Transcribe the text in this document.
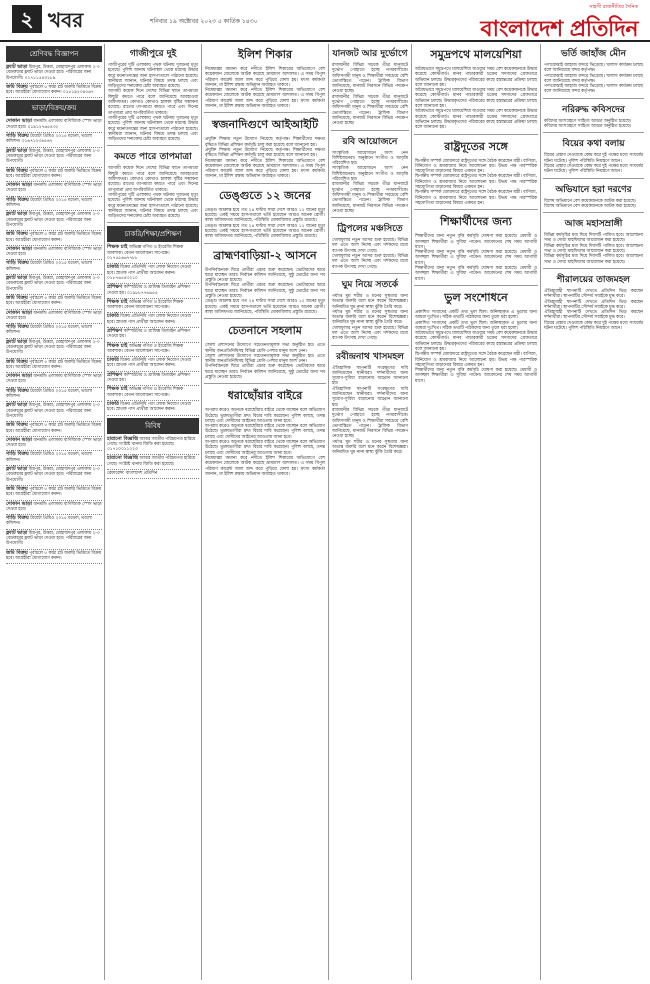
২ খবর	শনিবার ১৯ অক্টোবর ২০২৩ ৫ কার্তিক ১৪৩০
সাহসী রাজনীতির দৈনিক
বাংলাদেশ প্রতিদিন
শ্রেণিবদ্ধ বিজ্ঞাপন
ফ্ল্যাট ভাড়া মিরপুর, উত্তরা, মোহাম্মদপুর এলাকায় ২-৩ বেডরুমের ফ্ল্যাট ভাড়া দেওয়া হবে। পরিবারের জন্য উপযোগী। ০১৭১১৫৪৩২৮৯
জমি বিক্রয় পূর্বাচলে ৫ কাঠা প্লট জরুরি ভিত্তিতে বিক্রয় হবে। আগ্রহীরা যোগাযোগ করুন। ০১৮১৯২৩৪৫৬৭
ভাড়া/বিক্রয়/ক্রয়
দোকান ভাড়া ধানমন্ডি এলাকায় বাণিজ্যিক স্পেস ভাড়া দেওয়া হবে। ০১৯১২৭৬৫৪৩২
গাড়ি বিক্রয় টয়োটা প্রিমিও ২০১৫ মডেল, ভালো কন্ডিশন। ০১৬৭১২৩৪৫৬৭
ফ্ল্যাট ভাড়া মিরপুর, উত্তরা, মোহাম্মদপুর এলাকায় ২-৩ বেডরুমের ফ্ল্যাট ভাড়া দেওয়া হবে। পরিবারের জন্য উপযোগী।
জমি বিক্রয় পূর্বাচলে ৫ কাঠা প্লট জরুরি ভিত্তিতে বিক্রয় হবে। আগ্রহীরা যোগাযোগ করুন।
দোকান ভাড়া ধানমন্ডি এলাকায় বাণিজ্যিক স্পেস ভাড়া দেওয়া হবে।
গাড়ি বিক্রয় টয়োটা প্রিমিও ২০১৫ মডেল, ভালো কন্ডিশন।
ফ্ল্যাট ভাড়া মিরপুর, উত্তরা, মোহাম্মদপুর এলাকায় ২-৩ বেডরুমের ফ্ল্যাট ভাড়া দেওয়া হবে। পরিবারের জন্য উপযোগী।
জমি বিক্রয় পূর্বাচলে ৫ কাঠা প্লট জরুরি ভিত্তিতে বিক্রয় হবে। আগ্রহীরা যোগাযোগ করুন।
দোকান ভাড়া ধানমন্ডি এলাকায় বাণিজ্যিক স্পেস ভাড়া দেওয়া হবে।
গাড়ি বিক্রয় টয়োটা প্রিমিও ২০১৫ মডেল, ভালো কন্ডিশন।
ফ্ল্যাট ভাড়া মিরপুর, উত্তরা, মোহাম্মদপুর এলাকায় ২-৩ বেডরুমের ফ্ল্যাট ভাড়া দেওয়া হবে। পরিবারের জন্য উপযোগী।
জমি বিক্রয় পূর্বাচলে ৫ কাঠা প্লট জরুরি ভিত্তিতে বিক্রয় হবে। আগ্রহীরা যোগাযোগ করুন।
দোকান ভাড়া ধানমন্ডি এলাকায় বাণিজ্যিক স্পেস ভাড়া দেওয়া হবে।
গাড়ি বিক্রয় টয়োটা প্রিমিও ২০১৫ মডেল, ভালো কন্ডিশন।
ফ্ল্যাট ভাড়া মিরপুর, উত্তরা, মোহাম্মদপুর এলাকায় ২-৩ বেডরুমের ফ্ল্যাট ভাড়া দেওয়া হবে। পরিবারের জন্য উপযোগী।
জমি বিক্রয় পূর্বাচলে ৫ কাঠা প্লট জরুরি ভিত্তিতে বিক্রয় হবে। আগ্রহীরা যোগাযোগ করুন।
দোকান ভাড়া ধানমন্ডি এলাকায় বাণিজ্যিক স্পেস ভাড়া দেওয়া হবে।
গাড়ি বিক্রয় টয়োটা প্রিমিও ২০১৫ মডেল, ভালো কন্ডিশন।
ফ্ল্যাট ভাড়া মিরপুর, উত্তরা, মোহাম্মদপুর এলাকায় ২-৩ বেডরুমের ফ্ল্যাট ভাড়া দেওয়া হবে। পরিবারের জন্য উপযোগী।
জমি বিক্রয় পূর্বাচলে ৫ কাঠা প্লট জরুরি ভিত্তিতে বিক্রয় হবে। আগ্রহীরা যোগাযোগ করুন।
দোকান ভাড়া ধানমন্ডি এলাকায় বাণিজ্যিক স্পেস ভাড়া দেওয়া হবে।
গাড়ি বিক্রয় টয়োটা প্রিমিও ২০১৫ মডেল, ভালো কন্ডিশন।
ফ্ল্যাট ভাড়া মিরপুর, উত্তরা, মোহাম্মদপুর এলাকায় ২-৩ বেডরুমের ফ্ল্যাট ভাড়া দেওয়া হবে। পরিবারের জন্য উপযোগী।
জমি বিক্রয় পূর্বাচলে ৫ কাঠা প্লট জরুরি ভিত্তিতে বিক্রয় হবে। আগ্রহীরা যোগাযোগ করুন।
দোকান ভাড়া ধানমন্ডি এলাকায় বাণিজ্যিক স্পেস ভাড়া দেওয়া হবে।
গাড়ি বিক্রয় টয়োটা প্রিমিও ২০১৫ মডেল, ভালো কন্ডিশন।
ফ্ল্যাট ভাড়া মিরপুর, উত্তরা, মোহাম্মদপুর এলাকায় ২-৩ বেডরুমের ফ্ল্যাট ভাড়া দেওয়া হবে। পরিবারের জন্য উপযোগী।
জমি বিক্রয় পূর্বাচলে ৫ কাঠা প্লট জরুরি ভিত্তিতে বিক্রয় হবে। আগ্রহীরা যোগাযোগ করুন।
গাজীপুরে দুই
গাজীপুরের দুটি এলাকায় পৃথক ঘটনায় দুজনের মৃত্যু হয়েছে। পুলিশ জানায় ঘটনাস্থল থেকে মরদেহ উদ্ধার করে ময়নাতদন্তের জন্য হাসপাতালে পাঠানো হয়েছে। স্থানীয়রা জানান, ঘটনার বিষয়ে তদন্ত চলছে এবং জড়িতদের শনাক্তের চেষ্টা অব্যাহত রয়েছে।
আগামী কয়েক দিনে দেশের বিভিন্ন স্থানে তাপমাত্রা কিছুটা কমতে পারে বলে জানিয়েছে আবহাওয়া অধিদফতর। কোথাও কোথাও হালকা বৃষ্টির সম্ভাবনা রয়েছে। রাতের তাপমাত্রা কমতে পারে এবং দিনের তাপমাত্রা প্রায় অপরিবর্তিত থাকবে।
গাজীপুরের দুটি এলাকায় পৃথক ঘটনায় দুজনের মৃত্যু হয়েছে। পুলিশ জানায় ঘটনাস্থল থেকে মরদেহ উদ্ধার করে ময়নাতদন্তের জন্য হাসপাতালে পাঠানো হয়েছে। স্থানীয়রা জানান, ঘটনার বিষয়ে তদন্ত চলছে এবং জড়িতদের শনাক্তের চেষ্টা অব্যাহত রয়েছে।
কমতে পারে তাপমাত্রা
আগামী কয়েক দিনে দেশের বিভিন্ন স্থানে তাপমাত্রা কিছুটা কমতে পারে বলে জানিয়েছে আবহাওয়া অধিদফতর। কোথাও কোথাও হালকা বৃষ্টির সম্ভাবনা রয়েছে। রাতের তাপমাত্রা কমতে পারে এবং দিনের তাপমাত্রা প্রায় অপরিবর্তিত থাকবে।
গাজীপুরের দুটি এলাকায় পৃথক ঘটনায় দুজনের মৃত্যু হয়েছে। পুলিশ জানায় ঘটনাস্থল থেকে মরদেহ উদ্ধার করে ময়নাতদন্তের জন্য হাসপাতালে পাঠানো হয়েছে। স্থানীয়রা জানান, ঘটনার বিষয়ে তদন্ত চলছে এবং জড়িতদের শনাক্তের চেষ্টা অব্যাহত রয়েছে।
চাকরি/শিক্ষা/প্রশিক্ষণ
শিক্ষক চাই অভিজ্ঞ গণিত ও ইংরেজি শিক্ষক আবশ্যক। বেতন আলোচনা সাপেক্ষে। ০১৭৫৫৬৬৭৭৮৮
চাকরি বিক্রয় প্রতিনিধি পদে লোক নিয়োগ দেওয়া হবে। স্নাতক পাস প্রার্থীরা আবেদন করুন। ০১৮৭৬৫৪৩২১০
প্রশিক্ষণ কম্পিউটার ও গ্রাফিক্স ডিজাইন প্রশিক্ষণ দেওয়া হয়। ০১৯৮৮৭৭৬৬৫৫
শিক্ষক চাই অভিজ্ঞ গণিত ও ইংরেজি শিক্ষক আবশ্যক। বেতন আলোচনা সাপেক্ষে।
চাকরি বিক্রয় প্রতিনিধি পদে লোক নিয়োগ দেওয়া হবে। স্নাতক পাস প্রার্থীরা আবেদন করুন।
প্রশিক্ষণ কম্পিউটার ও গ্রাফিক্স ডিজাইন প্রশিক্ষণ দেওয়া হয়।
শিক্ষক চাই অভিজ্ঞ গণিত ও ইংরেজি শিক্ষক আবশ্যক। বেতন আলোচনা সাপেক্ষে।
চাকরি বিক্রয় প্রতিনিধি পদে লোক নিয়োগ দেওয়া হবে। স্নাতক পাস প্রার্থীরা আবেদন করুন।
প্রশিক্ষণ কম্পিউটার ও গ্রাফিক্স ডিজাইন প্রশিক্ষণ দেওয়া হয়।
শিক্ষক চাই অভিজ্ঞ গণিত ও ইংরেজি শিক্ষক আবশ্যক। বেতন আলোচনা সাপেক্ষে।
চাকরি বিক্রয় প্রতিনিধি পদে লোক নিয়োগ দেওয়া হবে। স্নাতক পাস প্রার্থীরা আবেদন করুন।
বিবিধ
হারানো বিজ্ঞপ্তি আমার জাতীয় পরিচয়পত্র হারিয়ে গেছে। সংশ্লিষ্ট থানায় জিডি করা হয়েছে। ০১৭১০০১১২২৩
হারানো বিজ্ঞপ্তি আমার জাতীয় পরিচয়পত্র হারিয়ে গেছে। সংশ্লিষ্ট থানায় জিডি করা হয়েছে।
রেফারেন্স: বাংলাদেশ প্রতিদিন
ইলিশ শিকার
নিষেধাজ্ঞা অমান্য করে নদীতে ইলিশ শিকারের অভিযোগে বেশ কয়েকজন জেলেকে আটক করেছে ভ্রাম্যমাণ আদালত। এ সময় বিপুল পরিমাণ কারেন্ট জাল জব্দ করে পুড়িয়ে ফেলা হয়। মৎস্য কর্মকর্তা জানান, মা ইলিশ রক্ষায় অভিযান অব্যাহত থাকবে।
নিষেধাজ্ঞা অমান্য করে নদীতে ইলিশ শিকারের অভিযোগে বেশ কয়েকজন জেলেকে আটক করেছে ভ্রাম্যমাণ আদালত। এ সময় বিপুল পরিমাণ কারেন্ট জাল জব্দ করে পুড়িয়ে ফেলা হয়। মৎস্য কর্মকর্তা জানান, মা ইলিশ রক্ষায় অভিযান অব্যাহত থাকবে।
স্বজনাদিগুণে আইআইটি
প্রযুক্তি শিক্ষায় নতুন উদ্যোগ নিয়েছে কর্তৃপক্ষ। শিক্ষার্থীদের দক্ষতা বৃদ্ধিতে বিভিন্ন প্রশিক্ষণ কর্মসূচি চালু করা হয়েছে বলে জানানো হয়।
প্রযুক্তি শিক্ষায় নতুন উদ্যোগ নিয়েছে কর্তৃপক্ষ। শিক্ষার্থীদের দক্ষতা বৃদ্ধিতে বিভিন্ন প্রশিক্ষণ কর্মসূচি চালু করা হয়েছে বলে জানানো হয়।
নিষেধাজ্ঞা অমান্য করে নদীতে ইলিশ শিকারের অভিযোগে বেশ কয়েকজন জেলেকে আটক করেছে ভ্রাম্যমাণ আদালত। এ সময় বিপুল পরিমাণ কারেন্ট জাল জব্দ করে পুড়িয়ে ফেলা হয়। মৎস্য কর্মকর্তা জানান, মা ইলিশ রক্ষায় অভিযান অব্যাহত থাকবে।
ডেঙ্গুতে ১২ জনের
ডেঙ্গু আক্রান্ত হয়ে গত ২৪ ঘণ্টায় সারা দেশে আরও ১২ জনের মৃত্যু হয়েছে। একই সময়ে হাসপাতালে ভর্তি হয়েছেন আরও অনেক রোগী। স্বাস্থ্য অধিদফতর জানিয়েছে, পরিস্থিতি মোকাবিলায় প্রস্তুতি রয়েছে।
ডেঙ্গু আক্রান্ত হয়ে গত ২৪ ঘণ্টায় সারা দেশে আরও ১২ জনের মৃত্যু হয়েছে। একই সময়ে হাসপাতালে ভর্তি হয়েছেন আরও অনেক রোগী। স্বাস্থ্য অধিদফতর জানিয়েছে, পরিস্থিতি মোকাবিলায় প্রস্তুতি রয়েছে।
ব্রাহ্মণবাড়িয়া-২ আসনে
উপনির্বাচনকে ঘিরে প্রার্থীরা প্রচার শুরু করেছেন। ভোটারদের দ্বারে দ্বারে যাচ্ছেন তারা। নির্বাচন কমিশন জানিয়েছে, সুষ্ঠু ভোটের জন্য সব প্রস্তুতি নেওয়া হয়েছে।
উপনির্বাচনকে ঘিরে প্রার্থীরা প্রচার শুরু করেছেন। ভোটারদের দ্বারে দ্বারে যাচ্ছেন তারা। নির্বাচন কমিশন জানিয়েছে, সুষ্ঠু ভোটের জন্য সব প্রস্তুতি নেওয়া হয়েছে।
ডেঙ্গু আক্রান্ত হয়ে গত ২৪ ঘণ্টায় সারা দেশে আরও ১২ জনের মৃত্যু হয়েছে। একই সময়ে হাসপাতালে ভর্তি হয়েছেন আরও অনেক রোগী। স্বাস্থ্য অধিদফতর জানিয়েছে, পরিস্থিতি মোকাবিলায় প্রস্তুতি রয়েছে।
চেতনানে সহলাম
জেলা প্রশাসনের উদ্যোগে সচেতনতামূলক সভা অনুষ্ঠিত হয়। এতে স্থানীয় জনপ্রতিনিধিসহ বিভিন্ন শ্রেণি-পেশার মানুষ অংশ নেন।
জেলা প্রশাসনের উদ্যোগে সচেতনতামূলক সভা অনুষ্ঠিত হয়। এতে স্থানীয় জনপ্রতিনিধিসহ বিভিন্ন শ্রেণি-পেশার মানুষ অংশ নেন।
উপনির্বাচনকে ঘিরে প্রার্থীরা প্রচার শুরু করেছেন। ভোটারদের দ্বারে দ্বারে যাচ্ছেন তারা। নির্বাচন কমিশন জানিয়েছে, সুষ্ঠু ভোটের জন্য সব প্রস্তুতি নেওয়া হয়েছে।
ধরাছোঁয়ার বাইরে
অপরাধ করেও অনেকে ধরাছোঁয়ার বাইরে থেকে যাচ্ছেন বলে অভিযোগ উঠেছে। ভুক্তভোগীরা দ্রুত বিচার দাবি করেছেন। পুলিশ বলছে, তদন্ত চলছে এবং দোষীদের আইনের আওতায় আনা হবে।
অপরাধ করেও অনেকে ধরাছোঁয়ার বাইরে থেকে যাচ্ছেন বলে অভিযোগ উঠেছে। ভুক্তভোগীরা দ্রুত বিচার দাবি করেছেন। পুলিশ বলছে, তদন্ত চলছে এবং দোষীদের আইনের আওতায় আনা হবে।
অপরাধ করেও অনেকে ধরাছোঁয়ার বাইরে থেকে যাচ্ছেন বলে অভিযোগ উঠেছে। ভুক্তভোগীরা দ্রুত বিচার দাবি করেছেন। পুলিশ বলছে, তদন্ত চলছে এবং দোষীদের আইনের আওতায় আনা হবে।
নিষেধাজ্ঞা অমান্য করে নদীতে ইলিশ শিকারের অভিযোগে বেশ কয়েকজন জেলেকে আটক করেছে ভ্রাম্যমাণ আদালত। এ সময় বিপুল পরিমাণ কারেন্ট জাল জব্দ করে পুড়িয়ে ফেলা হয়। মৎস্য কর্মকর্তা জানান, মা ইলিশ রক্ষায় অভিযান অব্যাহত থাকবে।
যানজট আর দুর্ভোগে
রাজধানীর বিভিন্ন সড়কে তীব্র যানজটে দুর্ভোগ পোহাতে হচ্ছে নগরবাসীকে। অফিসগামী মানুষ ও শিক্ষার্থীরা সবচেয়ে বেশি ভোগান্তিতে পড়েন। ট্রাফিক বিভাগ জানিয়েছে, যানজট নিরসনে বিভিন্ন পদক্ষেপ নেওয়া হচ্ছে।
রাজধানীর বিভিন্ন সড়কে তীব্র যানজটে দুর্ভোগ পোহাতে হচ্ছে নগরবাসীকে। অফিসগামী মানুষ ও শিক্ষার্থীরা সবচেয়ে বেশি ভোগান্তিতে পড়েন। ট্রাফিক বিভাগ জানিয়েছে, যানজট নিরসনে বিভিন্ন পদক্ষেপ নেওয়া হচ্ছে।
রবি আয়োজনে
সাংস্কৃতিক আয়োজনে অংশ নেন বিশিষ্টজনেরা। অনুষ্ঠানে সংগীত ও আবৃত্তি পরিবেশিত হয়।
সাংস্কৃতিক আয়োজনে অংশ নেন বিশিষ্টজনেরা। অনুষ্ঠানে সংগীত ও আবৃত্তি পরিবেশিত হয়।
রাজধানীর বিভিন্ন সড়কে তীব্র যানজটে দুর্ভোগ পোহাতে হচ্ছে নগরবাসীকে। অফিসগামী মানুষ ও শিক্ষার্থীরা সবচেয়ে বেশি ভোগান্তিতে পড়েন। ট্রাফিক বিভাগ জানিয়েছে, যানজট নিরসনে বিভিন্ন পদক্ষেপ নেওয়া হচ্ছে।
ট্রিপলের মঞ্চসিতে
খেলাধুলার নতুন আসর শুরু হয়েছে। বিভিন্ন দল এতে অংশ নিচ্ছে এবং দর্শকদের মধ্যে ব্যাপক উৎসাহ দেখা গেছে।
খেলাধুলার নতুন আসর শুরু হয়েছে। বিভিন্ন দল এতে অংশ নিচ্ছে এবং দর্শকদের মধ্যে ব্যাপক উৎসাহ দেখা গেছে।
ঘুম নিয়ে সতর্কে
পর্যাপ্ত ঘুম শরীর ও মনের সুস্থতার জন্য অত্যন্ত জরুরি বলে মনে করেন বিশেষজ্ঞরা। অনিয়মিত ঘুম নানা স্বাস্থ্য ঝুঁকি তৈরি করে।
পর্যাপ্ত ঘুম শরীর ও মনের সুস্থতার জন্য অত্যন্ত জরুরি বলে মনে করেন বিশেষজ্ঞরা। অনিয়মিত ঘুম নানা স্বাস্থ্য ঝুঁকি তৈরি করে।
খেলাধুলার নতুন আসর শুরু হয়েছে। বিভিন্ন দল এতে অংশ নিচ্ছে এবং দর্শকদের মধ্যে ব্যাপক উৎসাহ দেখা গেছে।
রবীন্দ্রনাথ খাসমহল
ঐতিহাসিক স্থাপনাটি সংরক্ষণের দাবি জানিয়েছেন স্থানীয়রা। দর্শনার্থীদের জন্য সুযোগ-সুবিধা বাড়ানোর আহ্বান জানানো হয়।
ঐতিহাসিক স্থাপনাটি সংরক্ষণের দাবি জানিয়েছেন স্থানীয়রা। দর্শনার্থীদের জন্য সুযোগ-সুবিধা বাড়ানোর আহ্বান জানানো হয়।
রাজধানীর বিভিন্ন সড়কে তীব্র যানজটে দুর্ভোগ পোহাতে হচ্ছে নগরবাসীকে। অফিসগামী মানুষ ও শিক্ষার্থীরা সবচেয়ে বেশি ভোগান্তিতে পড়েন। ট্রাফিক বিভাগ জানিয়েছে, যানজট নিরসনে বিভিন্ন পদক্ষেপ নেওয়া হচ্ছে।
পর্যাপ্ত ঘুম শরীর ও মনের সুস্থতার জন্য অত্যন্ত জরুরি বলে মনে করেন বিশেষজ্ঞরা। অনিয়মিত ঘুম নানা স্বাস্থ্য ঝুঁকি তৈরি করে।
সমুদ্রপথে মালয়েশিয়া
অবৈধভাবে সমুদ্রপথে মালয়েশিয়া যাওয়ার সময় বেশ কয়েকজনকে উদ্ধার করেছে কোস্টগার্ড। মানব পাচারকারী চক্রের সদস্যদের গ্রেফতারে অভিযান চলছে। উদ্ধারকৃতদের পরিবারের কাছে হস্তান্তরের প্রক্রিয়া চলছে বলে জানানো হয়।
অবৈধভাবে সমুদ্রপথে মালয়েশিয়া যাওয়ার সময় বেশ কয়েকজনকে উদ্ধার করেছে কোস্টগার্ড। মানব পাচারকারী চক্রের সদস্যদের গ্রেফতারে অভিযান চলছে। উদ্ধারকৃতদের পরিবারের কাছে হস্তান্তরের প্রক্রিয়া চলছে বলে জানানো হয়।
অবৈধভাবে সমুদ্রপথে মালয়েশিয়া যাওয়ার সময় বেশ কয়েকজনকে উদ্ধার করেছে কোস্টগার্ড। মানব পাচারকারী চক্রের সদস্যদের গ্রেফতারে অভিযান চলছে। উদ্ধারকৃতদের পরিবারের কাছে হস্তান্তরের প্রক্রিয়া চলছে বলে জানানো হয়।
রাষ্ট্রদূতের সঙ্গে
দ্বিপক্ষীয় সম্পর্ক জোরদারে রাষ্ট্রদূতের সঙ্গে বৈঠক করেছেন মন্ত্রী। বাণিজ্য, বিনিয়োগ ও শ্রমবাজার নিয়ে আলোচনা হয়। উভয় পক্ষ পারস্পরিক সহযোগিতা বাড়ানোর বিষয়ে একমত হন।
দ্বিপক্ষীয় সম্পর্ক জোরদারে রাষ্ট্রদূতের সঙ্গে বৈঠক করেছেন মন্ত্রী। বাণিজ্য, বিনিয়োগ ও শ্রমবাজার নিয়ে আলোচনা হয়। উভয় পক্ষ পারস্পরিক সহযোগিতা বাড়ানোর বিষয়ে একমত হন।
দ্বিপক্ষীয় সম্পর্ক জোরদারে রাষ্ট্রদূতের সঙ্গে বৈঠক করেছেন মন্ত্রী। বাণিজ্য, বিনিয়োগ ও শ্রমবাজার নিয়ে আলোচনা হয়। উভয় পক্ষ পারস্পরিক সহযোগিতা বাড়ানোর বিষয়ে একমত হন।
শিক্ষার্থীদের জন্য
শিক্ষার্থীদের জন্য নতুন বৃত্তি কর্মসূচি ঘোষণা করা হয়েছে। মেধাবী ও অসচ্ছল শিক্ষার্থীরা এ সুবিধা পাবেন। আবেদনের শেষ সময় আগামী মাসে।
শিক্ষার্থীদের জন্য নতুন বৃত্তি কর্মসূচি ঘোষণা করা হয়েছে। মেধাবী ও অসচ্ছল শিক্ষার্থীরা এ সুবিধা পাবেন। আবেদনের শেষ সময় আগামী মাসে।
শিক্ষার্থীদের জন্য নতুন বৃত্তি কর্মসূচি ঘোষণা করা হয়েছে। মেধাবী ও অসচ্ছল শিক্ষার্থীরা এ সুবিধা পাবেন। আবেদনের শেষ সময় আগামী মাসে।
ভুল সংশোধনে
প্রকাশিত সংবাদের একটি তথ্য ভুল ছিল। অনিচ্ছাকৃত এ ভুলের জন্য আমরা দুঃখিত। সঠিক তথ্যটি পাঠকদের জন্য তুলে ধরা হলো।
প্রকাশিত সংবাদের একটি তথ্য ভুল ছিল। অনিচ্ছাকৃত এ ভুলের জন্য আমরা দুঃখিত। সঠিক তথ্যটি পাঠকদের জন্য তুলে ধরা হলো।
অবৈধভাবে সমুদ্রপথে মালয়েশিয়া যাওয়ার সময় বেশ কয়েকজনকে উদ্ধার করেছে কোস্টগার্ড। মানব পাচারকারী চক্রের সদস্যদের গ্রেফতারে অভিযান চলছে। উদ্ধারকৃতদের পরিবারের কাছে হস্তান্তরের প্রক্রিয়া চলছে বলে জানানো হয়।
দ্বিপক্ষীয় সম্পর্ক জোরদারে রাষ্ট্রদূতের সঙ্গে বৈঠক করেছেন মন্ত্রী। বাণিজ্য, বিনিয়োগ ও শ্রমবাজার নিয়ে আলোচনা হয়। উভয় পক্ষ পারস্পরিক সহযোগিতা বাড়ানোর বিষয়ে একমত হন।
শিক্ষার্থীদের জন্য নতুন বৃত্তি কর্মসূচি ঘোষণা করা হয়েছে। মেধাবী ও অসচ্ছল শিক্ষার্থীরা এ সুবিধা পাবেন। আবেদনের শেষ সময় আগামী মাসে।
ভর্তি জাহাঁজ মেীন
পণ্যবোঝাই জাহাজ বন্দরে ভিড়েছে। খালাস কার্যক্রম চলছে বলে জানিয়েছে বন্দর কর্তৃপক্ষ।
পণ্যবোঝাই জাহাজ বন্দরে ভিড়েছে। খালাস কার্যক্রম চলছে বলে জানিয়েছে বন্দর কর্তৃপক্ষ।
পণ্যবোঝাই জাহাজ বন্দরে ভিড়েছে। খালাস কার্যক্রম চলছে বলে জানিয়েছে বন্দর কর্তৃপক্ষ।
নরিরুদ্ধ কবিসদের
কবিদের অংশগ্রহণে সাহিত্য আড্ডা অনুষ্ঠিত হয়েছে।
কবিদের অংশগ্রহণে সাহিত্য আড্ডা অনুষ্ঠিত হয়েছে।
বিয়ের কথা বলায়
বিয়ের প্রস্তাব দেওয়াকে কেন্দ্র করে দুই পক্ষের মধ্যে সংঘর্ষের ঘটনা ঘটেছে। পুলিশ পরিস্থিতি নিয়ন্ত্রণে আনে।
বিয়ের প্রস্তাব দেওয়াকে কেন্দ্র করে দুই পক্ষের মধ্যে সংঘর্ষের ঘটনা ঘটেছে। পুলিশ পরিস্থিতি নিয়ন্ত্রণে আনে।
অভিযানে হরা দরণের
বিশেষ অভিযানে বেশ কয়েকজনকে আটক করা হয়েছে।
বিশেষ অভিযানে বেশ কয়েকজনকে আটক করা হয়েছে।
আজ মহাসম্রাঙ্গী
বিভিন্ন কর্মসূচির মধ্য দিয়ে দিবসটি পালিত হবে। আলোচনা সভা ও দোয়া মাহফিলের আয়োজন করা হয়েছে।
বিভিন্ন কর্মসূচির মধ্য দিয়ে দিবসটি পালিত হবে। আলোচনা সভা ও দোয়া মাহফিলের আয়োজন করা হয়েছে।
বিভিন্ন কর্মসূচির মধ্য দিয়ে দিবসটি পালিত হবে। আলোচনা সভা ও দোয়া মাহফিলের আয়োজন করা হয়েছে।
শীরালয়ের তাজমহল
ঐতিহ্যবাহী স্থাপনাটি দেখতে প্রতিদিন ভিড় করছেন দর্শনার্থীরা। স্থাপনাটির সৌন্দর্য সবাইকে মুগ্ধ করে।
ঐতিহ্যবাহী স্থাপনাটি দেখতে প্রতিদিন ভিড় করছেন দর্শনার্থীরা। স্থাপনাটির সৌন্দর্য সবাইকে মুগ্ধ করে।
ঐতিহ্যবাহী স্থাপনাটি দেখতে প্রতিদিন ভিড় করছেন দর্শনার্থীরা। স্থাপনাটির সৌন্দর্য সবাইকে মুগ্ধ করে।
বিয়ের প্রস্তাব দেওয়াকে কেন্দ্র করে দুই পক্ষের মধ্যে সংঘর্ষের ঘটনা ঘটেছে। পুলিশ পরিস্থিতি নিয়ন্ত্রণে আনে।
